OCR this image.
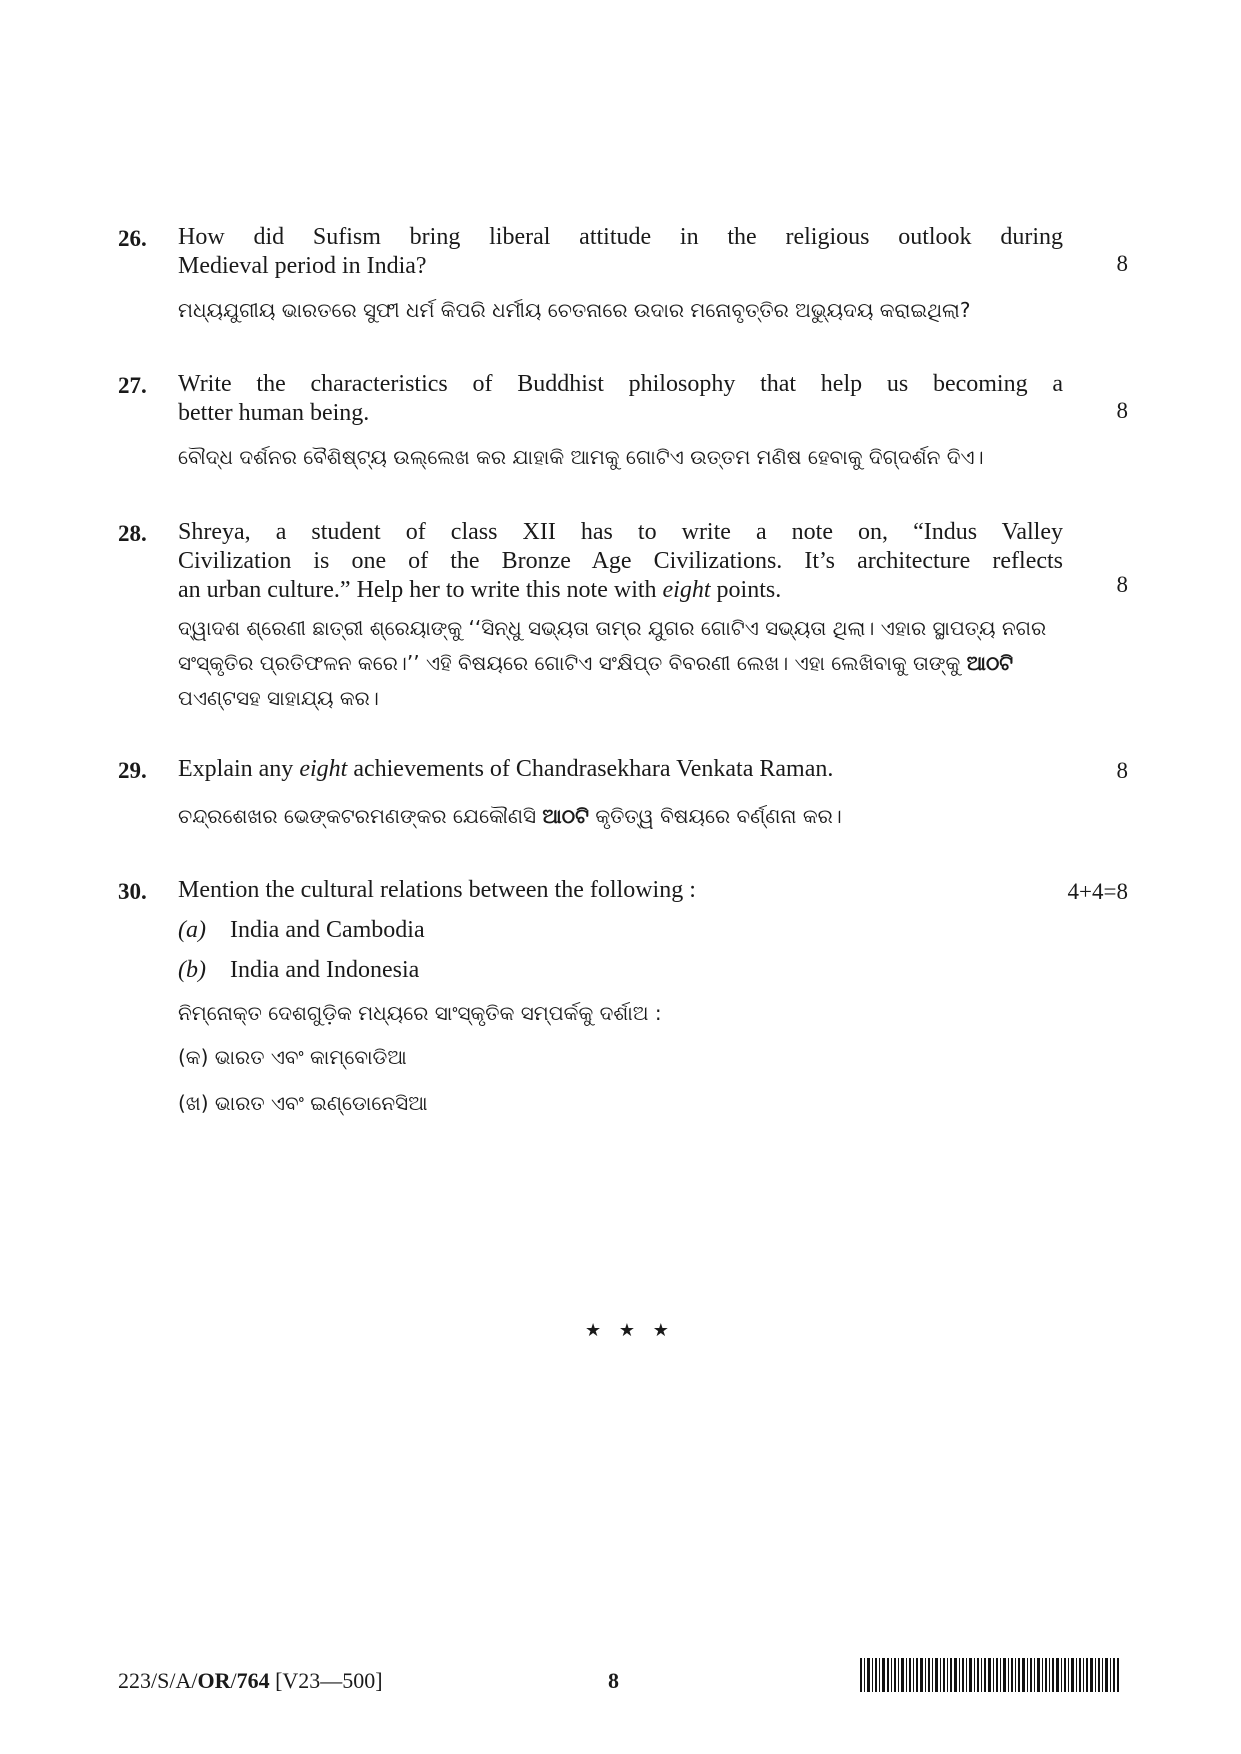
26. How did Sufism bring liberal attitude in the religious outlook during
Medieval period in India?	8
ମଧ୍ୟଯୁଗୀୟ ଭାରତରେ ସୁଫୀ ଧର୍ମ କିପରି ଧର୍ମୀୟ ଚେତନାରେ ଉଦାର ମନୋବୃତ୍ତିର ଅଭ୍ୟୁଦୟ କରାଇଥିଲା?
27. Write the characteristics of Buddhist philosophy that help us becoming a
better human being.	8
ବୌଦ୍ଧ ଦର୍ଶନର ବୈଶିଷ୍ଟ୍ୟ ଉଲ୍ଲେଖ କର ଯାହାକି ଆମକୁ ଗୋଟିଏ ଉତ୍ତମ ମଣିଷ ହେବାକୁ ଦିଗ୍‌ଦର୍ଶନ ଦିଏ।
28. Shreya, a student of class XII has to write a note on, “Indus Valley
Civilization is one of the Bronze Age Civilizations. It’s architecture reflects
an urban culture.” Help her to write this note with eight points.	8
ଦ୍ୱାଦଶ ଶ୍ରେଣୀ ଛାତ୍ରୀ ଶ୍ରେୟାଙ୍କୁ ‘‘ସିନ୍ଧୁ ସଭ୍ୟତା ତାମ୍ର ଯୁଗର ଗୋଟିଏ ସଭ୍ୟତା ଥିଲା। ଏହାର ସ୍ଥାପତ୍ୟ ନଗର
ସଂସ୍କୃତିର ପ୍ରତିଫଳନ କରେ।’’ ଏହି ବିଷୟରେ ଗୋଟିଏ ସଂକ୍ଷିପ୍ତ ବିବରଣୀ ଲେଖ। ଏହା ଲେଖିବାକୁ ତାଙ୍କୁ ଆଠଟି
ପଏଣ୍ଟସହ ସାହାଯ୍ୟ କର।
29. Explain any eight achievements of Chandrasekhara Venkata Raman.	8
ଚନ୍ଦ୍ରଶେଖର ଭେଙ୍କଟରମଣଙ୍କର ଯେକୌଣସି ଆଠଟି କୃତିତ୍ୱ ବିଷୟରେ ବର୍ଣ୍ଣନା କର।
30. Mention the cultural relations between the following :	4+4=8
(a) India and Cambodia
(b) India and Indonesia
ନିମ୍ନୋକ୍ତ ଦେଶଗୁଡ଼ିକ ମଧ୍ୟରେ ସାଂସ୍କୃତିକ ସମ୍ପର୍କକୁ ଦର୍ଶାଅ :
(କ) ଭାରତ ଏବଂ କାମ୍ବୋଡିଆ
(ଖ) ଭାରତ ଏବଂ ଇଣ୍ଡୋନେସିଆ
★ ★ ★
223/S/A/OR/764 [V23—500]	8
